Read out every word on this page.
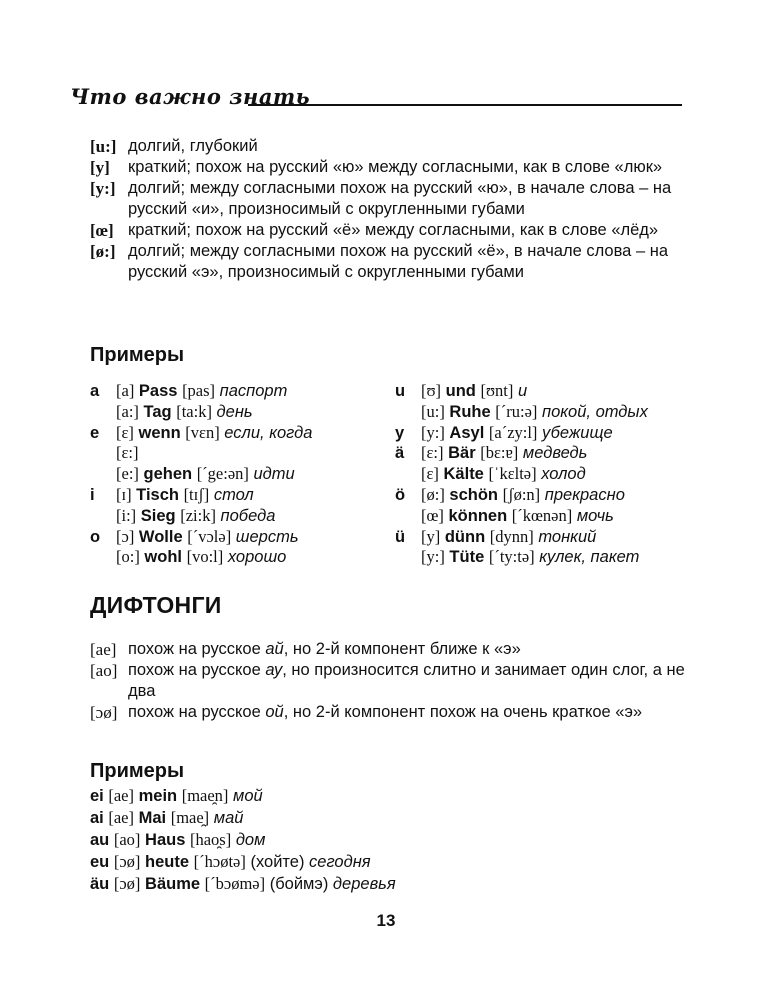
Что важно знать
[u:] долгий, глубокий
[y]	краткий; похож на русский «ю» между согласными, как в слове «люк»
[y:] долгий; между согласными похож на русский «ю», в начале слова – на русский «и», произносимый с округленными губами
[œ] краткий; похож на русский «ё» между согласными, как в слове «лёд»
[ø:] долгий; между согласными похож на русский «ё», в начале слова – на русский «э», произносимый с округленными губами
Примеры
a	[a] Pass [pas] паспорт
[a:] Tag [ta:k] день
e	[ɛ] wenn [vɛn] если, когда
[ɛ:]
[e:] gehen [´ge:ən] идти
i	[ɪ] Tisch [tɪʃ] стол
[i:] Sieg [zi:k] победа
o [ɔ] Wolle [´vɔlə] шерсть
[o:] wohl [vo:l] хорошо
u [ʊ] und [ʊnt] и
[u:] Ruhe [´ru:ə] покой, отдых
y	[y:] Asyl [a´zy:l] убежище
ä	[ɛ:] Bär [bɛ:ɐ] медведь
[ɛ] Kälte [ˈkɛltə] холод
ö [ø:] schön [ʃø:n] прекрасно
[œ] können [´kœnən] мочь
ü [y] dünn [dynn] тонкий
[y:] Tüte [´ty:tə] кулек, пакет
ДИФТОНГИ
[ae] похож на русское ай, но 2-й компонент ближе к «э»
[ao] похож на русское ау, но произносится слитно и занимает один слог, а не два
[ɔø] похож на русское ой, но 2-й компонент похож на очень краткое «э»
Примеры
ei [ae] mein [mae̯n] мой
ai [ae] Mai [mae̯] май
au [ao] Haus [hao̯s] дом
eu [ɔø] heute [´hɔøtə] (хойте) сегодня
äu [ɔø] Bäume [´bɔømə] (боймэ) деревья
13
